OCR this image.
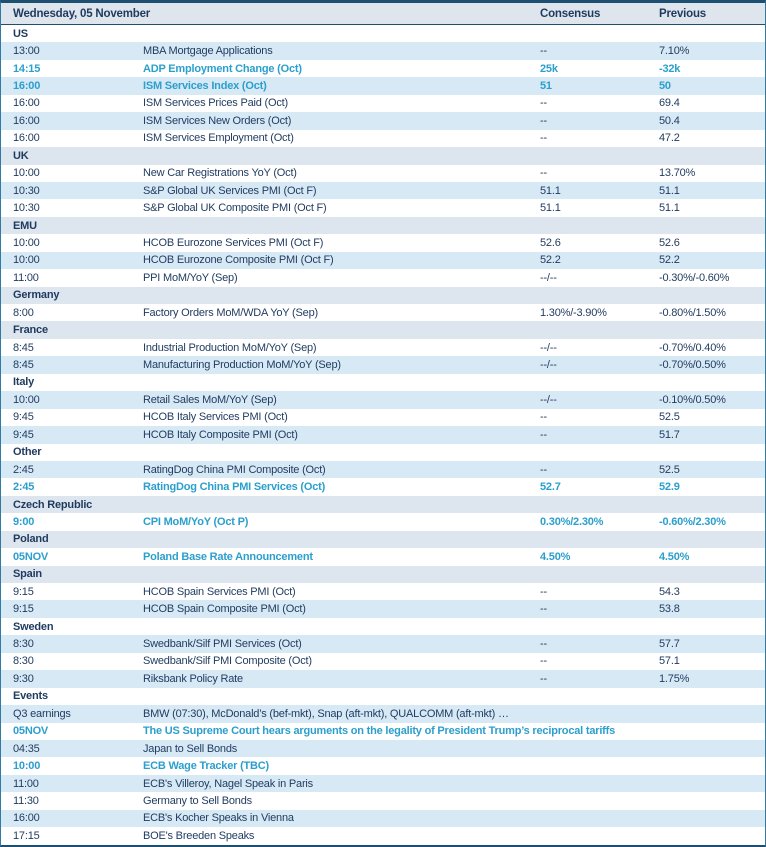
Wednesday, 05 November	Consensus	Previous
US
13:00	MBA Mortgage Applications	--	7.10%
14:15	ADP Employment Change (Oct)	25k	-32k
16:00	ISM Services Index (Oct)	51	50
16:00	ISM Services Prices Paid (Oct)	--	69.4
16:00	ISM Services New Orders (Oct)	--	50.4
16:00	ISM Services Employment (Oct)	--	47.2
UK
10:00	New Car Registrations YoY (Oct)	--	13.70%
10:30	S&P Global UK Services PMI (Oct F)	51.1	51.1
10:30	S&P Global UK Composite PMI (Oct F)	51.1	51.1
EMU
10:00	HCOB Eurozone Services PMI (Oct F)	52.6	52.6
10:00	HCOB Eurozone Composite PMI (Oct F)	52.2	52.2
11:00	PPI MoM/YoY (Sep)	--/--	-0.30%/-0.60%
Germany
8:00	Factory Orders MoM/WDA YoY (Sep)	1.30%/-3.90%	-0.80%/1.50%
France
8:45	Industrial Production MoM/YoY (Sep)	--/--	-0.70%/0.40%
8:45	Manufacturing Production MoM/YoY (Sep)	--/--	-0.70%/0.50%
Italy
10:00	Retail Sales MoM/YoY (Sep)	--/--	-0.10%/0.50%
9:45	HCOB Italy Services PMI (Oct)	--	52.5
9:45	HCOB Italy Composite PMI (Oct)	--	51.7
Other
2:45	RatingDog China PMI Composite (Oct)	--	52.5
2:45	RatingDog China PMI Services (Oct)	52.7	52.9
Czech Republic
9:00	CPI MoM/YoY (Oct P)	0.30%/2.30%	-0.60%/2.30%
Poland
05NOV	Poland Base Rate Announcement	4.50%	4.50%
Spain
9:15	HCOB Spain Services PMI (Oct)	--	54.3
9:15	HCOB Spain Composite PMI (Oct)	--	53.8
Sweden
8:30	Swedbank/Silf PMI Services (Oct)	--	57.7
8:30	Swedbank/Silf PMI Composite (Oct)	--	57.1
9:30	Riksbank Policy Rate	--	1.75%
Events
Q3 earnings	BMW (07:30), McDonald’s (bef-mkt), Snap (aft-mkt), QUALCOMM (aft-mkt) …
05NOV	The US Supreme Court hears arguments on the legality of President Trump’s reciprocal tariffs
04:35	Japan to Sell Bonds
10:00	ECB Wage Tracker (TBC)
11:00	ECB's Villeroy, Nagel Speak in Paris
11:30	Germany to Sell Bonds
16:00	ECB's Kocher Speaks in Vienna
17:15	BOE's Breeden Speaks
